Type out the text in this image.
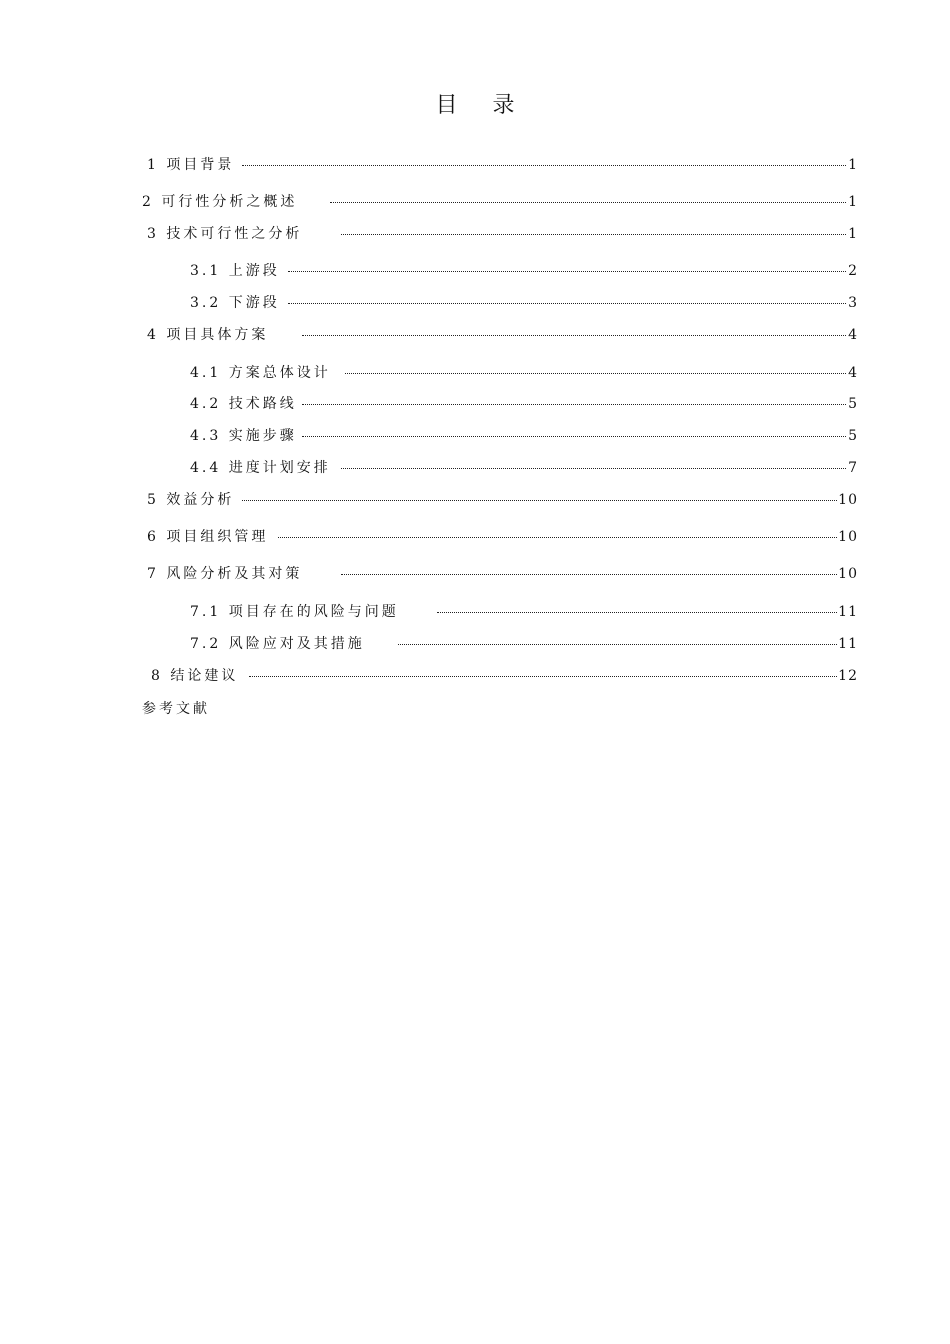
目 录
1 项目背景	1
2 可行性分析之概述	1
3 技术可行性之分析	1
3.1 上游段	2
3.2 下游段	3
4 项目具体方案	4
4.1 方案总体设计	4
4.2 技术路线	5
4.3 实施步骤	5
4.4 进度计划安排	7
5 效益分析	10
6 项目组织管理	10
7 风险分析及其对策	10
7.1 项目存在的风险与问题	11
7.2 风险应对及其措施	11
8 结论建议	12
参考文献
